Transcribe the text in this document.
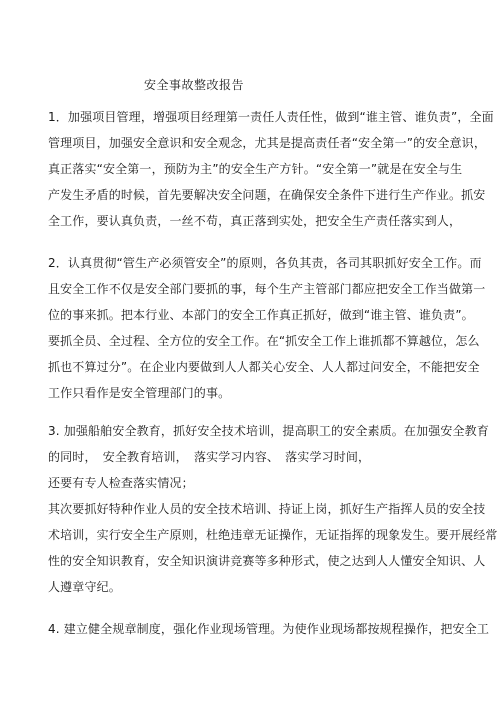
安全事故整改报告
1．加强项目管理，增强项目经理第一责任人责任性，做到“谁主管、谁负责”，全面
管理项目，加强安全意识和安全观念，尤其是提高责任者“安全第一”的安全意识，
真正落实“安全第一，预防为主”的安全生产方针。“安全第一”就是在安全与生
产发生矛盾的时候，首先要解决安全问题，在确保安全条件下进行生产作业。抓安
全工作，要认真负责，一丝不苟，真正落到实处，把安全生产责任落实到人，
2．认真贯彻“管生产必须管安全”的原则，各负其责，各司其职抓好安全工作。而
且安全工作不仅是安全部门要抓的事，每个生产主管部门都应把安全工作当做第一
位的事来抓。把本行业、本部门的安全工作真正抓好，做到“谁主管、谁负责”。
要抓全员、全过程、全方位的安全工作。在“抓安全工作上谁抓都不算越位，怎么
抓也不算过分”。在企业内要做到人人都关心安全、人人都过问安全，不能把安全
工作只看作是安全管理部门的事。
3. 加强船舶安全教育，抓好安全技术培训，提高职工的安全素质。在加强安全教育
的同时，　安全教育培训，　落实学习内容、　落实学习时间，
还要有专人检查落实情况；
其次要抓好特种作业人员的安全技术培训、持证上岗，抓好生产指挥人员的安全技
术培训，实行安全生产原则，杜绝违章无证操作，无证指挥的现象发生。要开展经常
性的安全知识教育，安全知识演讲竞赛等多种形式，使之达到人人懂安全知识、人
人遵章守纪。
4. 建立健全规章制度，强化作业现场管理。为使作业现场都按规程操作，把安全工
